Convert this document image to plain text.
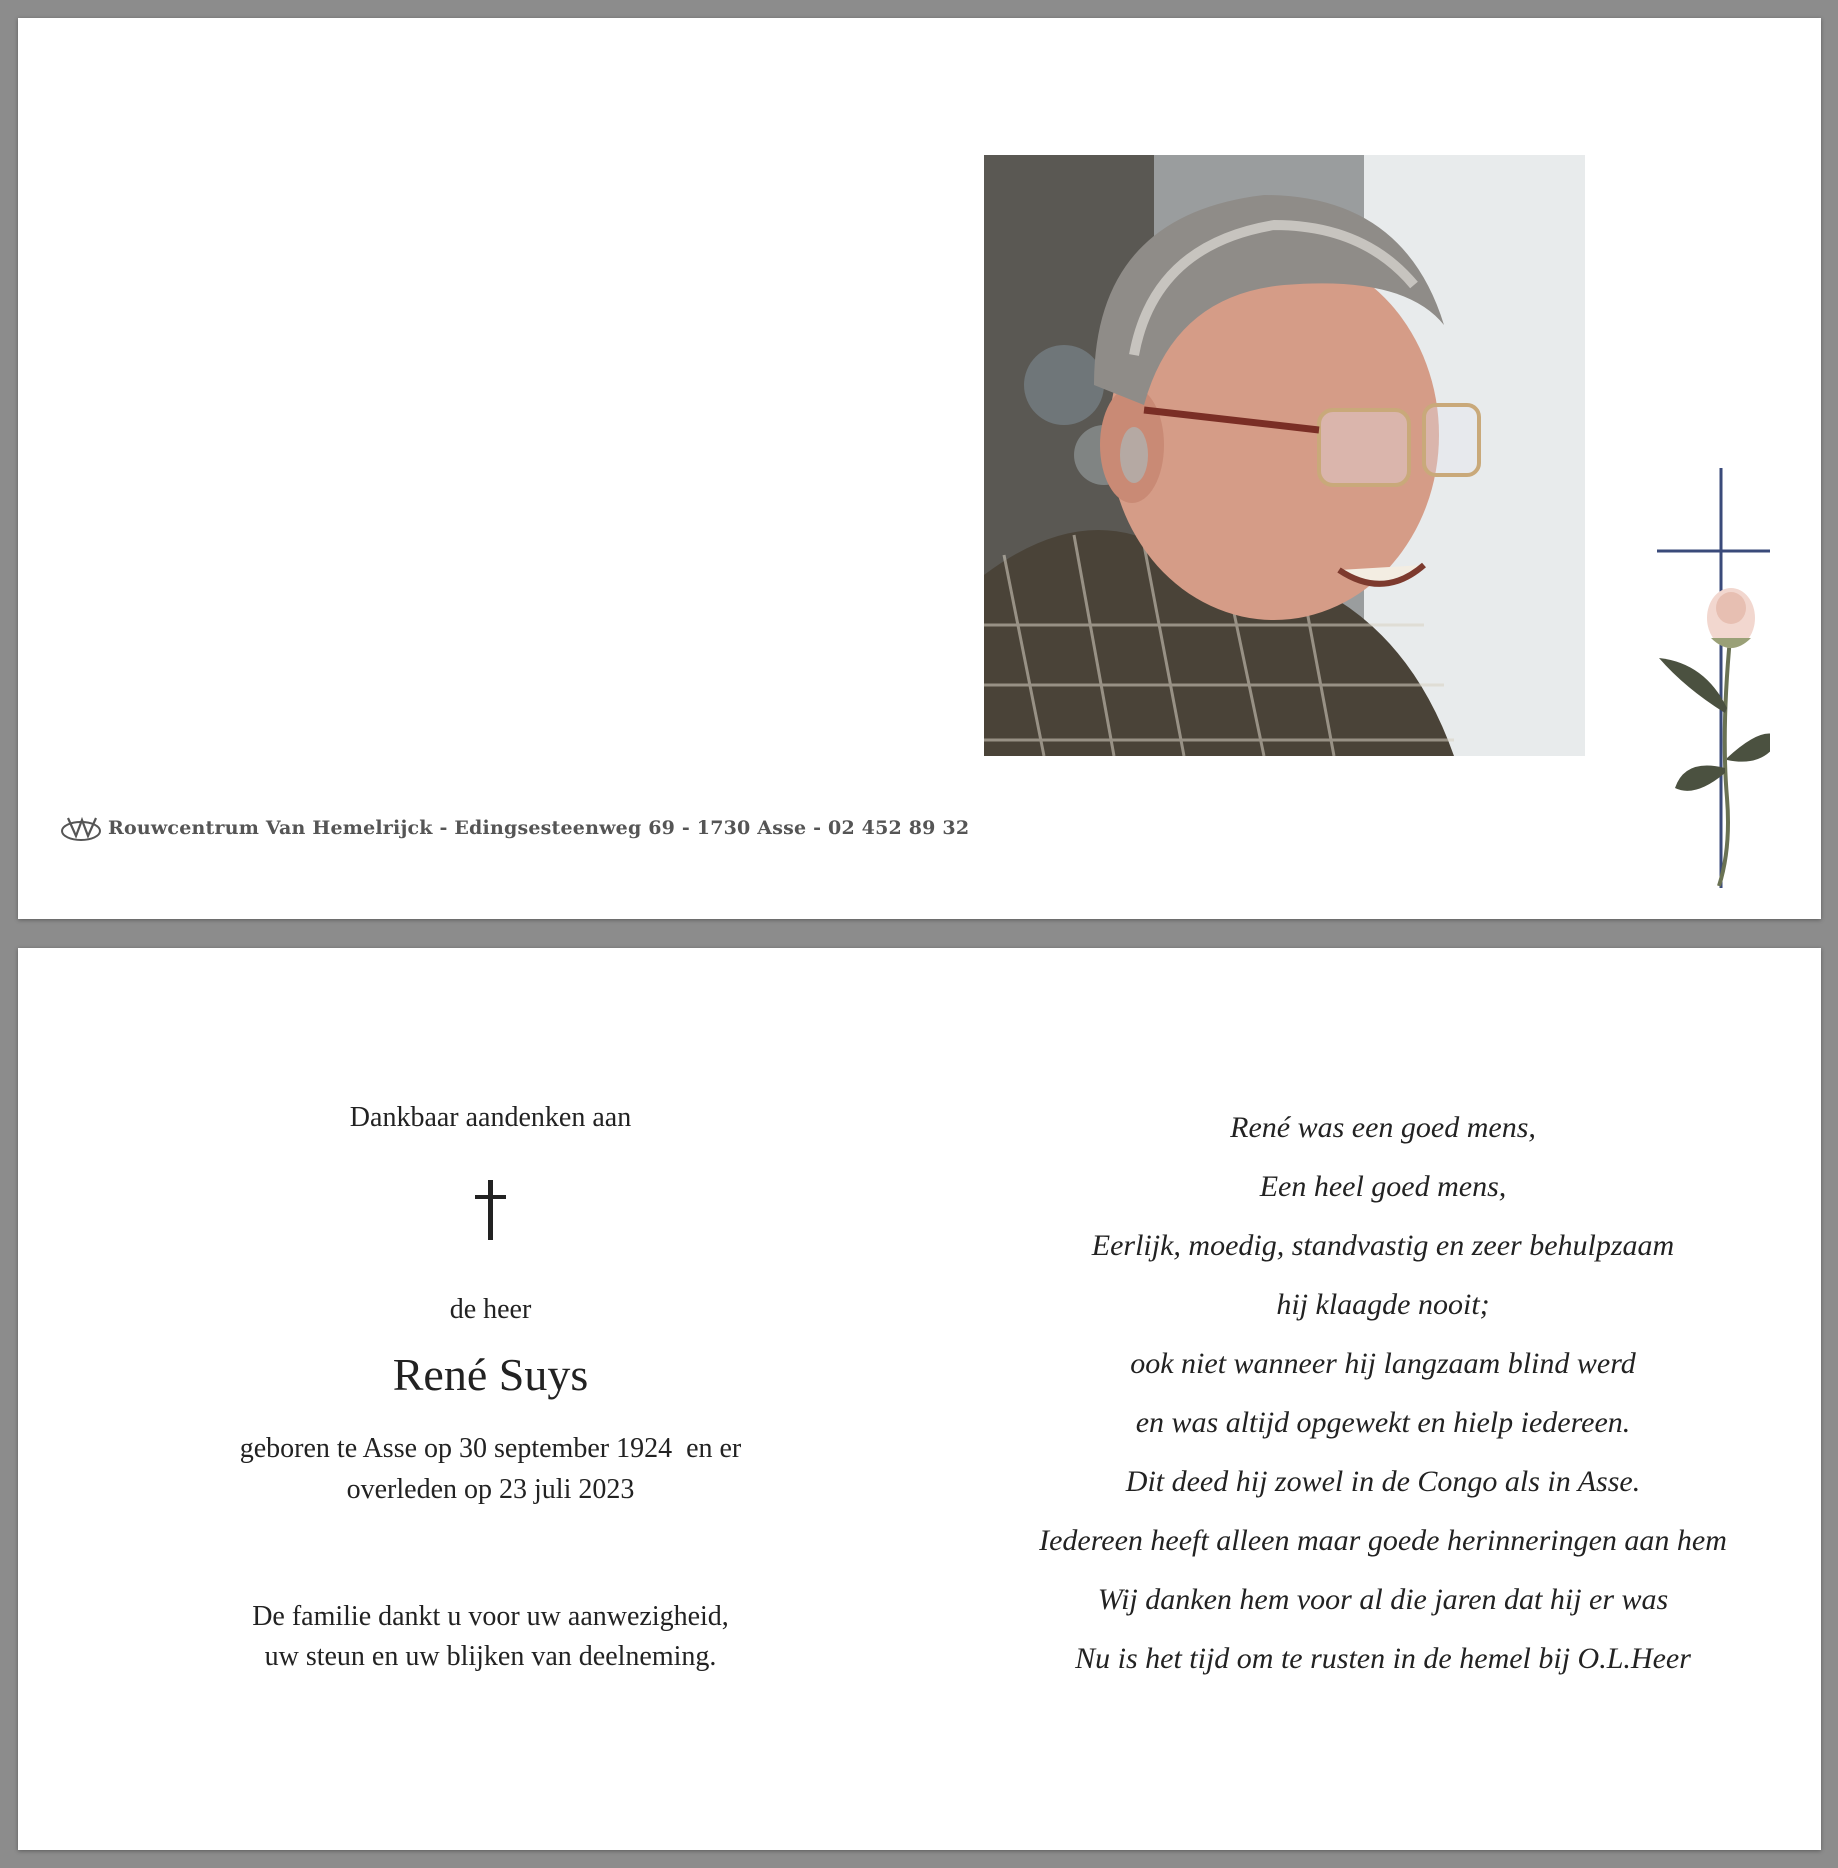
Rouwcentrum Van Hemelrijck - Edingsesteenweg 69 - 1730 Asse - 02 452 89 32
Dankbaar aandenken aan
de heer
René Suys
geboren te Asse op 30 september 1924  en er
overleden op 23 juli 2023
De familie dankt u voor uw aanwezigheid,
uw steun en uw blijken van deelneming.
René was een goed mens,
Een heel goed mens,
Eerlijk, moedig, standvastig en zeer behulpzaam
hij klaagde nooit;
ook niet wanneer hij langzaam blind werd
en was altijd opgewekt en hielp iedereen.
Dit deed hij zowel in de Congo als in Asse.
Iedereen heeft alleen maar goede herinneringen aan hem
Wij danken hem voor al die jaren dat hij er was
Nu is het tijd om te rusten in de hemel bij O.L.Heer
